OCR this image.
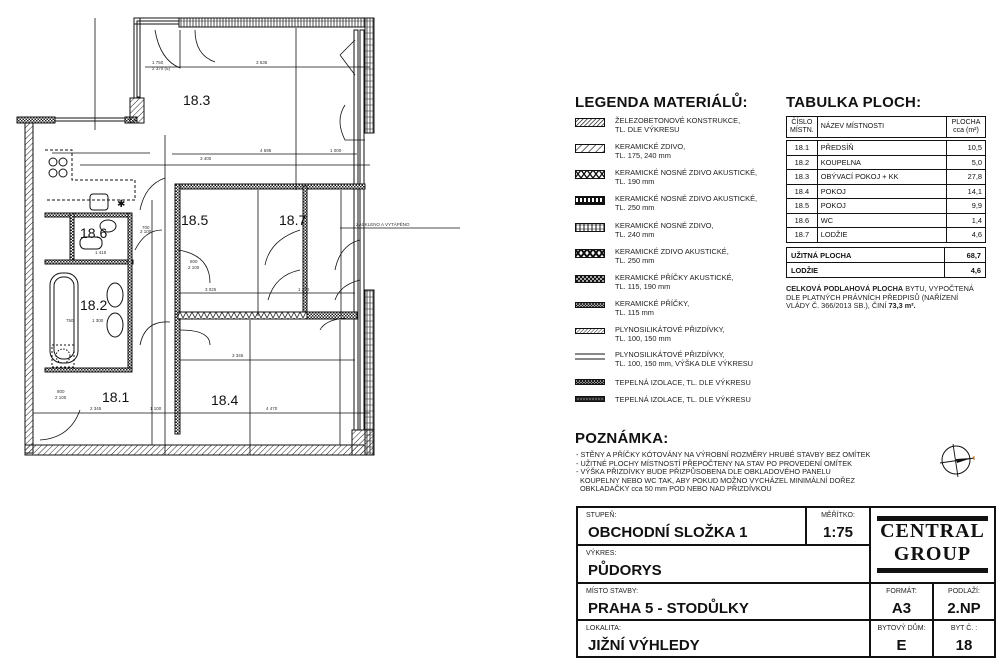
✱
1 750
2 370 (5)
3 536
4 595
3 400
1 000
3 025	1 270
3 345
4 470
1 100
2 345
800
2 100
700
2 100
800
2 100
1 415
1 300
750
ZASKLENO A VYTÁPĚNO
18.3
18.5	18.7
18.6
18.2
18.1	18.4
LEGENDA MATERIÁLŮ:
ŽELEZOBETONOVÉ KONSTRUKCE,
TL. DLE VÝKRESU
KERAMICKÉ ZDIVO,
TL. 175, 240 mm
KERAMICKÉ NOSNÉ ZDIVO AKUSTICKÉ,
TL. 190 mm
KERAMICKÉ NOSNÉ ZDIVO AKUSTICKÉ,
TL. 250 mm
KERAMICKÉ NOSNÉ ZDIVO,
TL. 240 mm
KERAMICKÉ ZDIVO AKUSTICKÉ,
TL. 250 mm
KERAMICKÉ PŘÍČKY AKUSTICKÉ,
TL. 115, 190 mm
KERAMICKÉ PŘÍČKY,
TL. 115 mm
PLYNOSILIKÁTOVÉ PŘIZDÍVKY,
TL. 100, 150 mm
PLYNOSILIKÁTOVÉ PŘIZDÍVKY,
TL. 100, 150 mm, VÝŠKA DLE VÝKRESU
TEPELNÁ IZOLACE, TL. DLE VÝKRESU
TEPELNÁ IZOLACE, TL. DLE VÝKRESU
TABULKA PLOCH:
ČÍSLO
MÍSTN.	NÁZEV MÍSTNOSTI	PLOCHA
cca (m²)

18.1	PŘEDSÍŇ	10,5
18.2	KOUPELNA	5,0
18.3	OBÝVACÍ POKOJ + KK	27,8
18.4	POKOJ	14,1
18.5	POKOJ	9,9
18.6	WC	1,4
18.7	LODŽIE	4,6
UŽITNÁ PLOCHA	68,7
LODŽIE	4,6
CELKOVÁ PODLAHOVÁ PLOCHA BYTU, VYPOČTENÁ
DLE PLATNÝCH PRÁVNÍCH PŘEDPISŮ (NAŘÍZENÍ
VLÁDY Č. 366/2013 SB.), ČINÍ 73,3 m².
POZNÁMKA:
- STĚNY A PŘÍČKY KÓTOVÁNY NA VÝROBNÍ ROZMĚRY HRUBÉ STAVBY BEZ OMÍTEK
- UŽITNÉ PLOCHY MÍSTNOSTÍ PŘEPOČTENY NA STAV PO PROVEDENÍ OMÍTEK
- VÝŠKA PŘIZDÍVKY BUDE PŘIZPŮSOBENA DLE OBKLADOVÉHO PANELU
KOUPELNY NEBO WC TAK, ABY POKUD MOŽNO VYCHÁZEL MINIMÁLNÍ DOŘEZ
OBKLADAČKY cca 50 mm POD NEBO NAD PŘIZDÍVKOU
STUPEŇ:
OBCHODNÍ SLOŽKA 1
MĚŘÍTKO:
1:75
VÝKRES:
PŮDORYS
CENTRAL
GROUP
MÍSTO STAVBY:
PRAHA 5 - STODŮLKY
FORMÁT:
A3
PODLAŽÍ:
2.NP
LOKALITA:
JIŽNÍ VÝHLEDY
BYTOVÝ DŮM:
E
BYT Č. :
18
